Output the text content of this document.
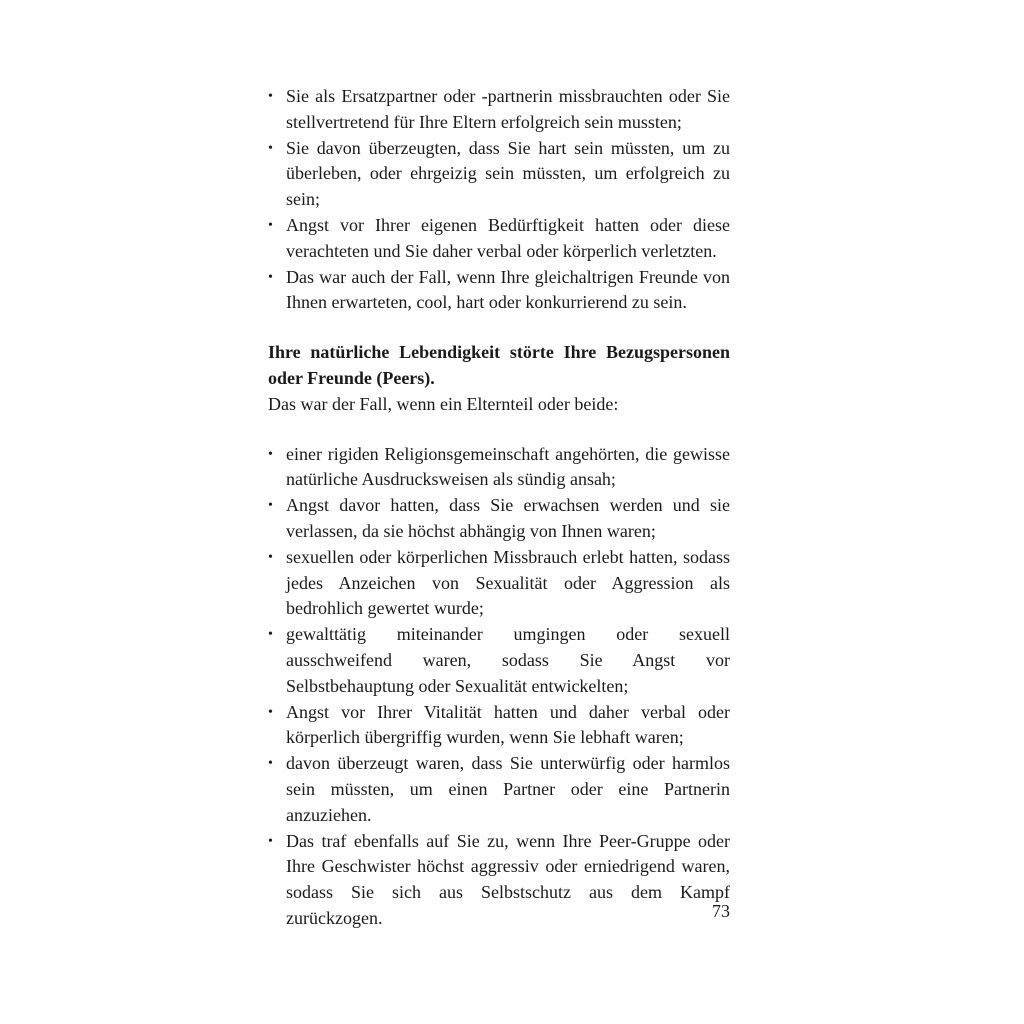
• Sie als Ersatzpartner oder -partnerin missbrauchten oder Sie stellvertretend für Ihre Eltern erfolgreich sein mussten;
• Sie davon überzeugten, dass Sie hart sein müssten, um zu überleben, oder ehrgeizig sein müssten, um erfolgreich zu sein;
• Angst vor Ihrer eigenen Bedürftigkeit hatten oder diese verachteten und Sie daher verbal oder körperlich verletzten.
• Das war auch der Fall, wenn Ihre gleichaltrigen Freunde von Ihnen erwarteten, cool, hart oder konkurrierend zu sein.

Ihre natürliche Lebendigkeit störte Ihre Bezugspersonen oder Freunde (Peers).

Das war der Fall, wenn ein Elternteil oder beide:

• einer rigiden Religionsgemeinschaft angehörten, die gewisse natürliche Ausdrucksweisen als sündig ansah;
• Angst davor hatten, dass Sie erwachsen werden und sie verlassen, da sie höchst abhängig von Ihnen waren;
• sexuellen oder körperlichen Missbrauch erlebt hatten, sodass jedes Anzeichen von Sexualität oder Aggression als bedrohlich gewertet wurde;
• gewalttätig miteinander umgingen oder sexuell ausschweifend waren, sodass Sie Angst vor Selbstbehauptung oder Sexualität entwickelten;
• Angst vor Ihrer Vitalität hatten und daher verbal oder körperlich übergriffig wurden, wenn Sie lebhaft waren;
• davon überzeugt waren, dass Sie unterwürfig oder harmlos sein müssten, um einen Partner oder eine Partnerin anzuziehen.
• Das traf ebenfalls auf Sie zu, wenn Ihre Peer-Gruppe oder Ihre Geschwister höchst aggressiv oder erniedrigend waren, sodass Sie sich aus Selbstschutz aus dem Kampf zurückzogen.	73
